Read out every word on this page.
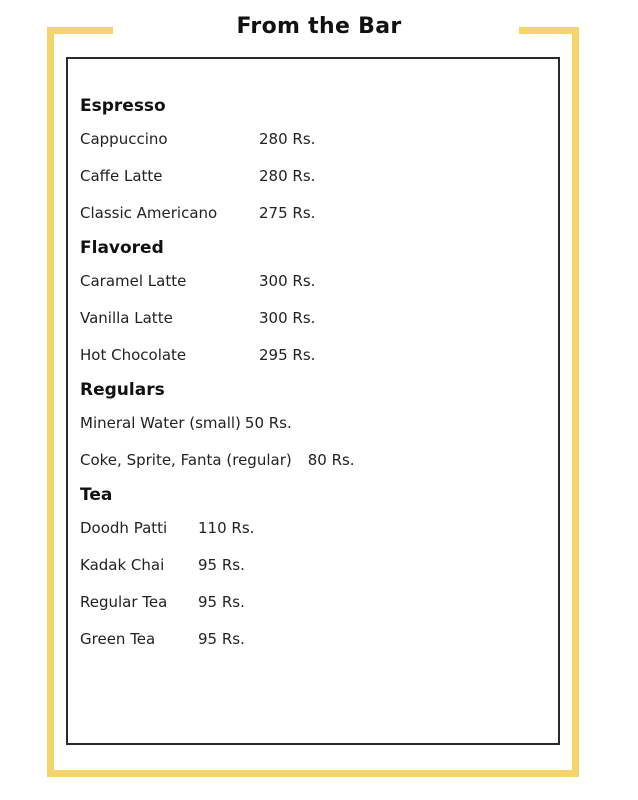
From the Bar
Espresso
Cappuccino	280 Rs.
Caffe Latte	280 Rs.
Classic Americano	275 Rs.
Flavored
Caramel Latte	300 Rs.
Vanilla Latte	300 Rs.
Hot Chocolate	295 Rs.
Regulars
Mineral Water (small) 50 Rs.
Coke, Sprite, Fanta (regular) 80 Rs.
Tea
Doodh Patti 110 Rs.
Kadak Chai 95 Rs.
Regular Tea 95 Rs.
Green Tea	95 Rs.
